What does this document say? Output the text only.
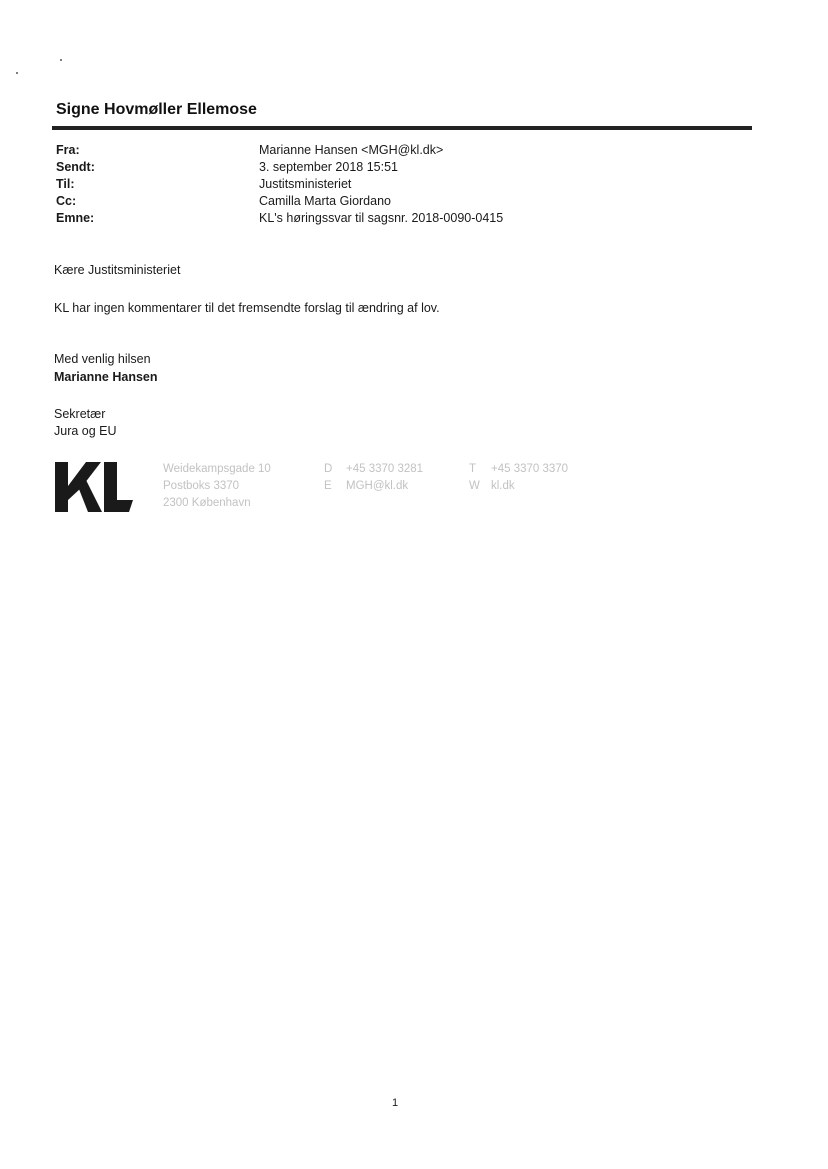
Signe Hovmøller Ellemose
Fra:	Marianne Hansen <MGH@kl.dk>
Sendt:	3. september 2018 15:51
Til:	Justitsministeriet
Cc:	Camilla Marta Giordano
Emne:	KL's høringssvar til sagsnr. 2018-0090-0415

Kære Justitsministeriet

KL har ingen kommentarer til det fremsendte forslag til ændring af lov.

Med venlig hilsen

Marianne Hansen

Sekretær

Jura og EU

Weidekampsgade 10
Postboks 3370
2300 København
D +45 3370 3281
E MGH@kl.dk
T +45 3370 3370
W kl.dk
1
